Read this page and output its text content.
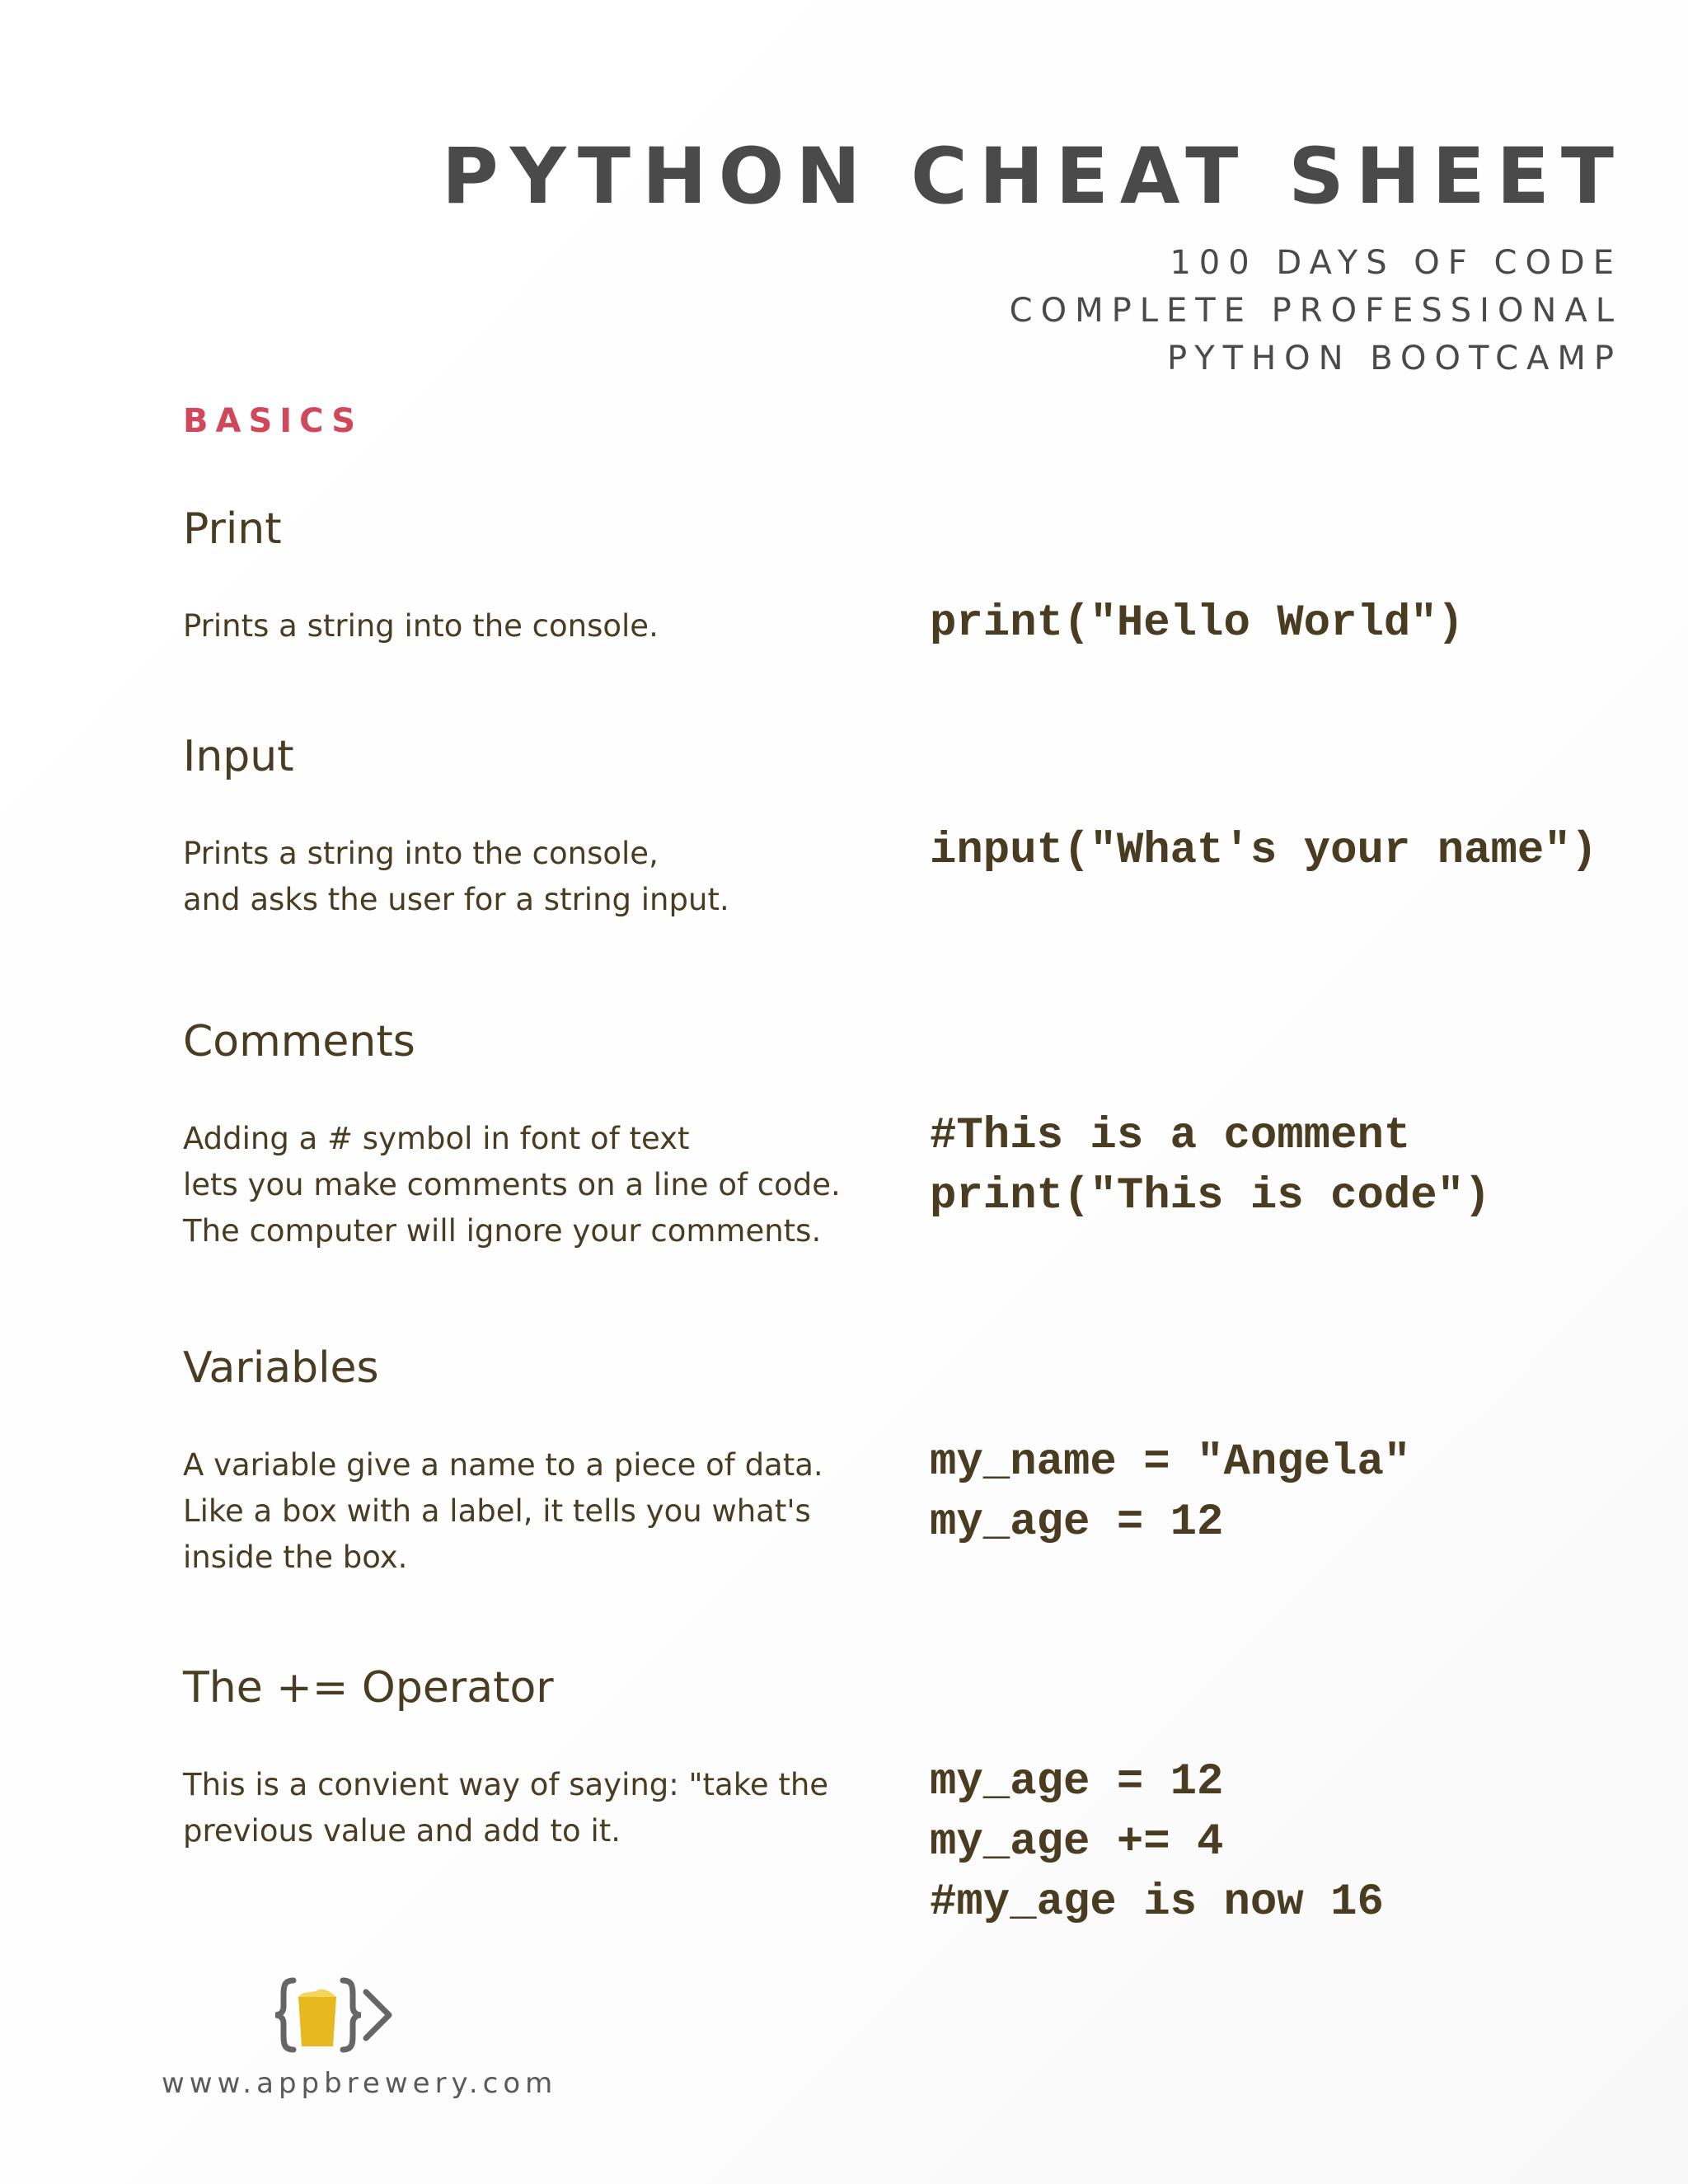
PYTHON CHEAT SHEET
100 DAYS OF CODE
COMPLETE PROFESSIONAL
PYTHON BOOTCAMP
BASICS
Print
Prints a string into the console.	print("Hello World")
Input
Prints a string into the console,
and asks the user for a string input.
input("What's your name")
Comments
Adding a # symbol in font of text
lets you make comments on a line of code.
The computer will ignore your comments.
#This is a comment
print("This is code")
Variables
A variable give a name to a piece of data.
Like a box with a label, it tells you what's
inside the box.
my_name = "Angela"
my_age = 12
The += Operator
This is a convient way of saying: "take the
previous value and add to it.
my_age = 12
my_age += 4
#my_age is now 16
www.appbrewery.com
